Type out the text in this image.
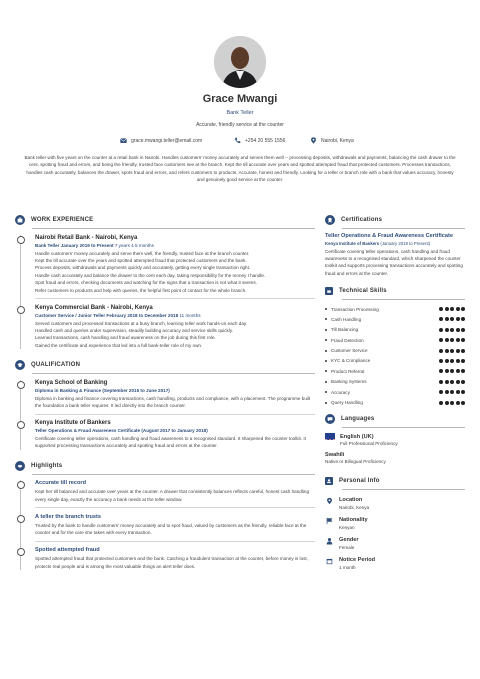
Grace Mwangi
Bank Teller
Accurate, friendly service at the counter
grace.mwangi.teller@email.com	+254 20 555 1556	Nairobi, Kenya
Bank teller with five years on the counter at a retail bank in Nairobi. Handles customers' money accurately and serves them well -- processing deposits, withdrawals and payments, balancing the cash drawer to the cent, spotting fraud and errors, and being the friendly, trusted face customers see at the branch. Kept the till accurate over years and spotted attempted fraud that protected customers. Processes transactions, handles cash accurately, balances the drawer, spots fraud and errors, and refers customers to products. Accurate, honest and friendly. Looking for a teller or branch role with a bank that values accuracy, honesty and genuinely good service at the counter.
WORK EXPERIENCE
Nairobi Retail Bank - Nairobi, Kenya
Bank Teller January 2019 to Present 7 years 4.5 months
Handle customers' money accurately and serve them well, the friendly, trusted face at the branch counter.
Kept the till accurate over the years and spotted attempted fraud that protected customers and the bank.
Process deposits, withdrawals and payments quickly and accurately, getting every single transaction right.
Handle cash accurately and balance the drawer to the cent each day, taking responsibility for the money I handle.
Spot fraud and errors, checking documents and watching for the signs that a transaction is not what it seems.
Refer customers to products and help with queries, the helpful first point of contact for the whole branch.
Kenya Commercial Bank - Nairobi, Kenya
Customer Service / Junior Teller February 2018 to December 2018 11 months
Served customers and processed transactions at a busy branch, learning teller work hands-on each day.
Handled cash and queries under supervision, steadily building accuracy and service skills quickly.
Learned transactions, cash handling and fraud awareness on the job during this first role.
Gained the certificate and experience that led into a full bank-teller role of my own.
QUALIFICATION
Kenya School of Banking
Diploma in Banking & Finance (September 2015 to June 2017)
Diploma in banking and finance covering transactions, cash handling, products and compliance, with a placement. The programme built the foundation a bank teller requires. It led directly into the branch counter.
Kenya Institute of Bankers
Teller Operations & Fraud Awareness Certificate (August 2017 to January 2018)
Certificate covering teller operations, cash handling and fraud awareness to a recognised standard. It sharpened the counter toolkit. It supported processing transactions accurately and spotting fraud and errors at the counter.
Highlights
Accurate till record
Kept her till balanced and accurate over years at the counter. A drawer that consistently balances reflects careful, honest cash handling every single day, exactly the accuracy a bank needs at the teller window.
A teller the branch trusts
Trusted by the bank to handle customers' money accurately and to spot fraud, valued by customers as the friendly, reliable face at the counter and for the care she takes with every transaction.
Spotted attempted fraud
Spotted attempted fraud that protected customers and the bank. Catching a fraudulent transaction at the counter, before money is lost, protects real people and is among the most valuable things an alert teller does.
Certifications
Teller Operations & Fraud Awareness Certificate
Kenya Institute of Bankers (January 2018 to Present)
Certificate covering teller operations, cash handling and fraud awareness to a recognised standard, which sharpened the counter toolkit and supports processing transactions accurately and spotting fraud and errors at the counter.
Technical Skills
Transaction Processing
Cash Handling
Till Balancing
Fraud Detection
Customer Service
KYC & Compliance
Product Referral
Banking Systems
Accuracy
Query Handling
Languages
English (UK)
Full Professional Proficiency
Swahili
Native or Bilingual Proficiency
Personal Info
Location
Nairobi, Kenya
Nationality
Kenyan
Gender
Female
Notice Period
1 month
